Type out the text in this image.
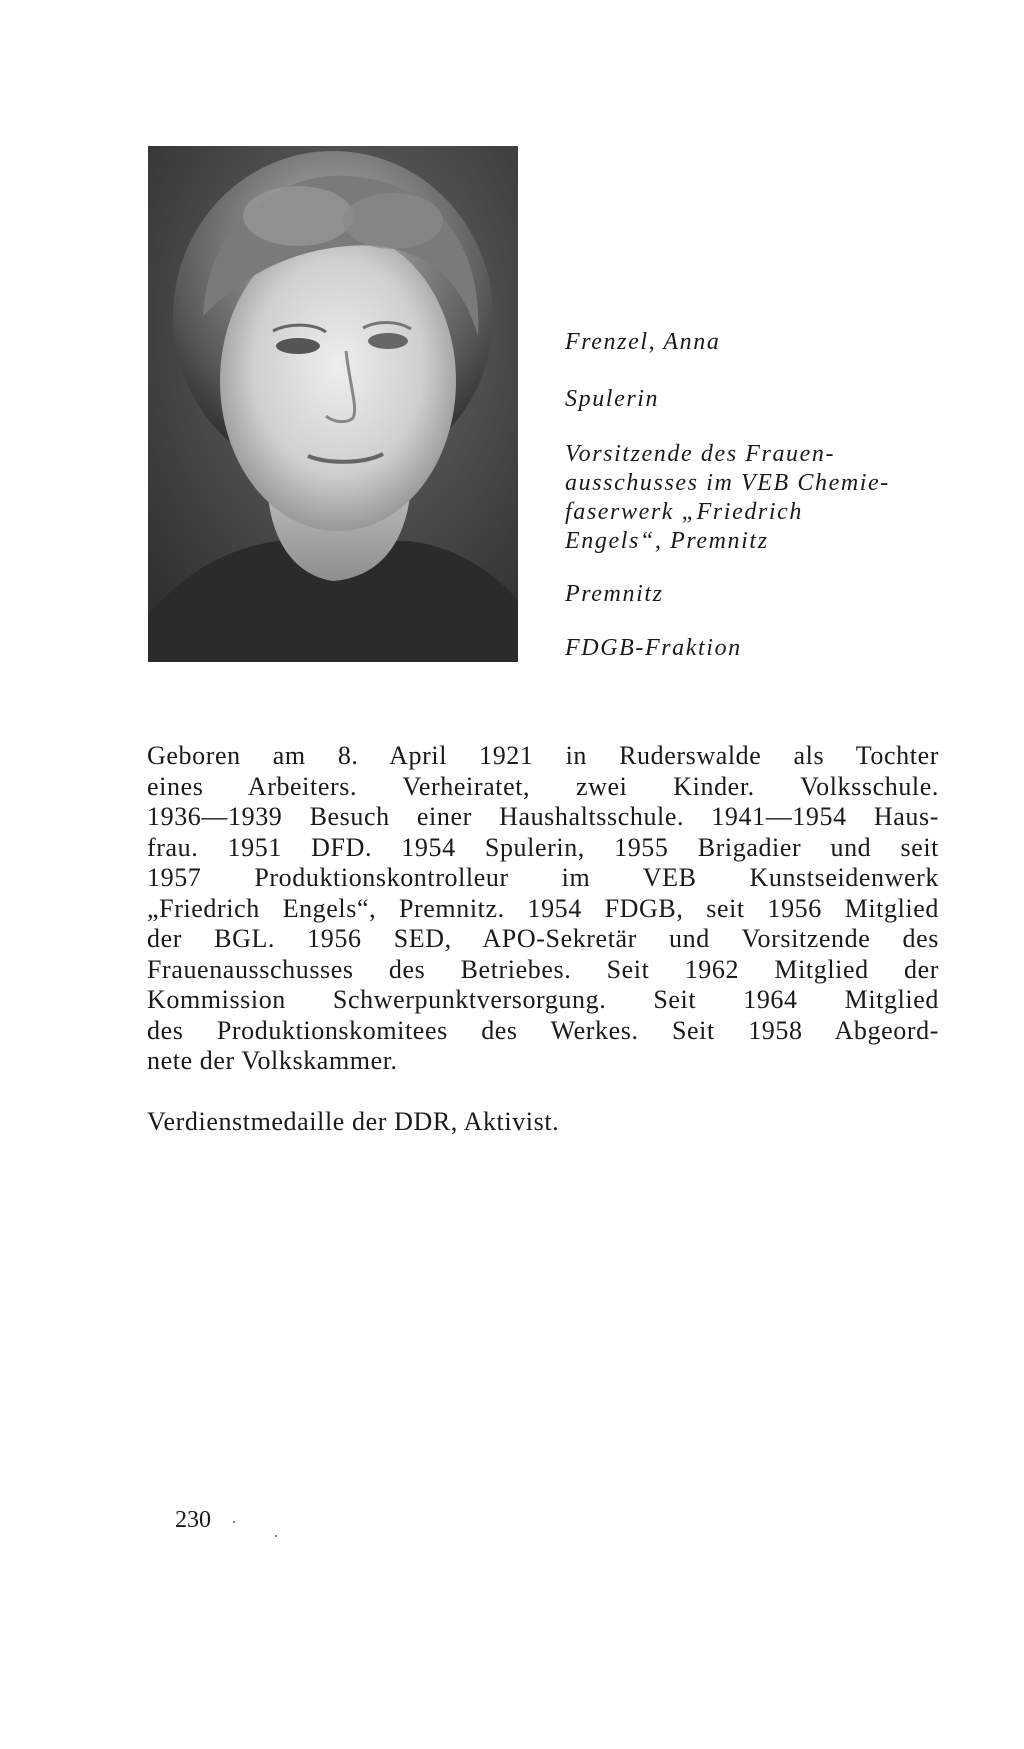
Frenzel, Anna
Spulerin
Vorsitzende des Frauen-
ausschusses im VEB Chemie-
faserwerk „Friedrich
Engels“, Premnitz
Premnitz
FDGB-Fraktion
Geboren am 8. April 1921 in Ruderswalde als Tochter
eines Arbeiters. Verheiratet, zwei Kinder. Volksschule.
1936—1939 Besuch einer Haushaltsschule. 1941—1954 Haus-
frau. 1951 DFD. 1954 Spulerin, 1955 Brigadier und seit
1957 Produktionskontrolleur im VEB Kunstseidenwerk
„Friedrich Engels“, Premnitz. 1954 FDGB, seit 1956 Mitglied
der BGL. 1956 SED, APO-Sekretär und Vorsitzende des
Frauenausschusses des Betriebes. Seit 1962 Mitglied der
Kommission Schwerpunktversorgung. Seit 1964 Mitglied
des Produktionskomitees des Werkes. Seit 1958 Abgeord-
nete der Volkskammer.
Verdienstmedaille der DDR, Aktivist.
230
